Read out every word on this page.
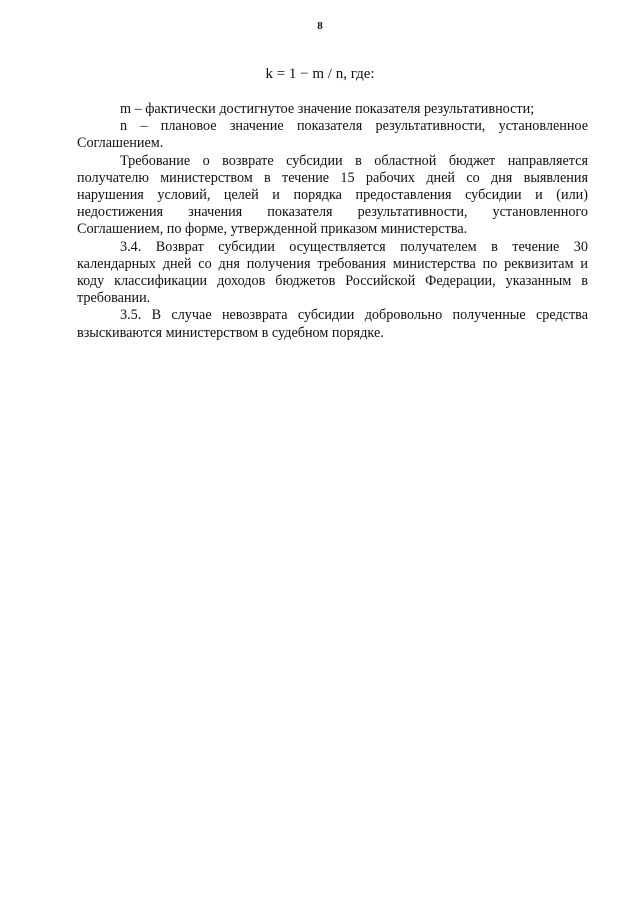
8
k = 1 − m / n, где:

m – фактически достигнутое значение показателя результативности;

n – плановое значение показателя результативности, установленное Соглашением.

Требование о возврате субсидии в областной бюджет направляется получателю министерством в течение 15 рабочих дней со дня выявления нарушения условий, целей и порядка предоставления субсидии и (или) недостижения значения показателя результативности, установленного Соглашением, по форме, утвержденной приказом министерства.

3.4. Возврат субсидии осуществляется получателем в течение 30 календарных дней со дня получения требования министерства по реквизитам и коду классификации доходов бюджетов Российской Федерации, указанным в требовании.

3.5. В случае невозврата субсидии добровольно полученные средства взыскиваются министерством в судебном порядке.
